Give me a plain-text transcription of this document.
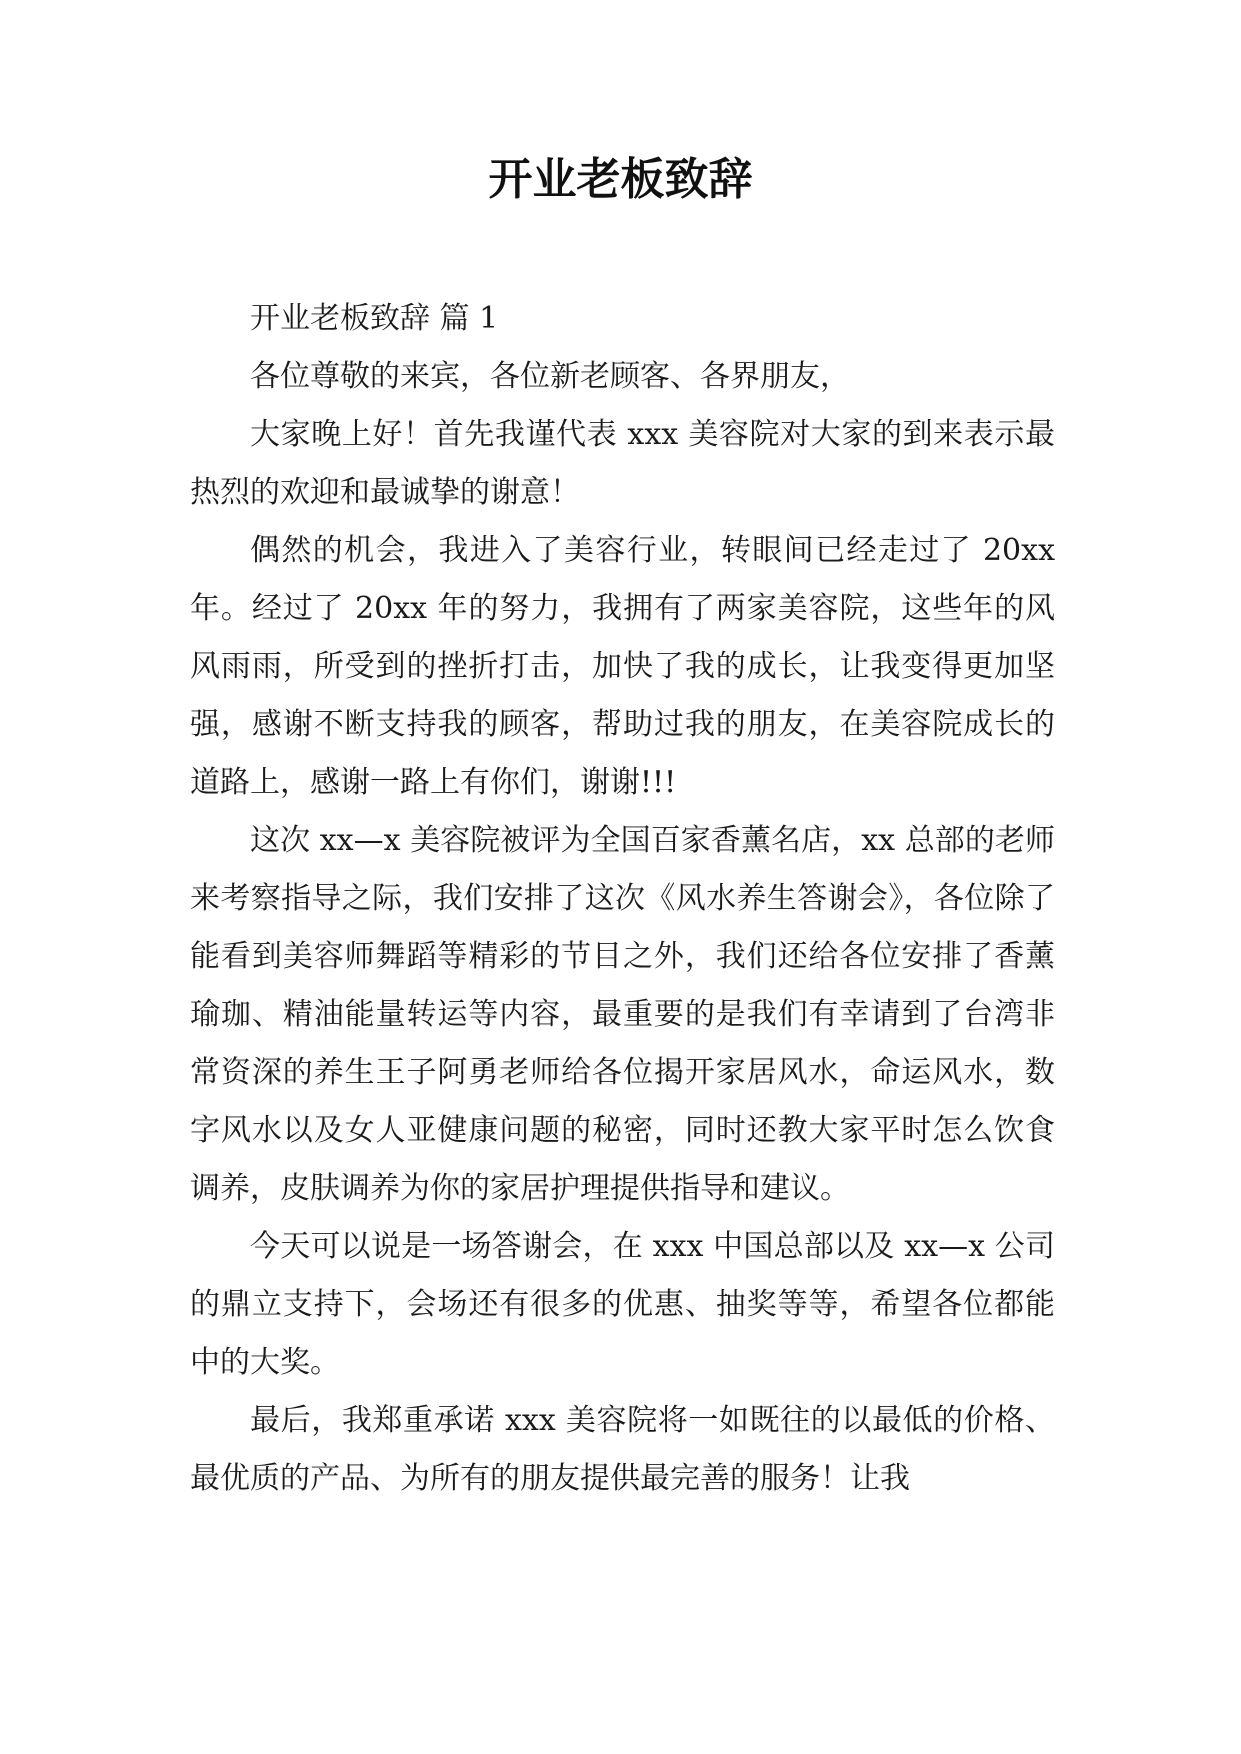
开业老板致辞

开业老板致辞 篇 1

各位尊敬的来宾，各位新老顾客、各界朋友，

大家晚上好！首先我谨代表 xxx 美容院对大家的到来表示最热烈的欢迎和最诚挚的谢意！

偶然的机会，我进入了美容行业，转眼间已经走过了 20xx 年。经过了 20xx 年的努力，我拥有了两家美容院，这些年的风风雨雨，所受到的挫折打击，加快了我的成长，让我变得更加坚强，感谢不断支持我的顾客，帮助过我的朋友，在美容院成长的道路上，感谢一路上有你们，谢谢!!!

这次 xx—x 美容院被评为全国百家香薰名店，xx 总部的老师来考察指导之际，我们安排了这次《风水养生答谢会》，各位除了能看到美容师舞蹈等精彩的节目之外，我们还给各位安排了香薰瑜珈、精油能量转运等内容，最重要的是我们有幸请到了台湾非常资深的养生王子阿勇老师给各位揭开家居风水，命运风水，数字风水以及女人亚健康问题的秘密，同时还教大家平时怎么饮食调养，皮肤调养为你的家居护理提供指导和建议。

今天可以说是一场答谢会，在 xxx 中国总部以及 xx—x 公司的鼎立支持下，会场还有很多的优惠、抽奖等等，希望各位都能中的大奖。

最后，我郑重承诺 xxx 美容院将一如既往的以最低的价格、最优质的产品、为所有的朋友提供最完善的服务！让我
